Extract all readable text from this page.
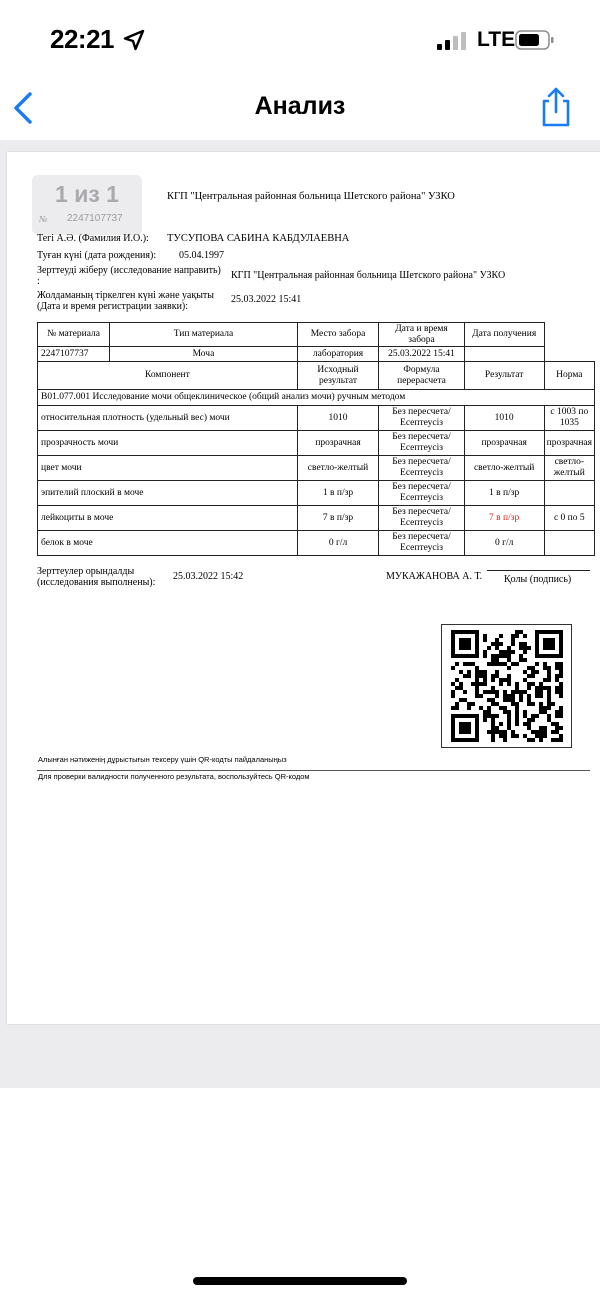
22:21	LTE
Анализ
1 из 1
№ 2247107737
КГП "Центральная районная больница Шетского района" УЗКО
Тегі А.Ә. (Фамилия И.О.): ТУСУПОВА САБИНА КАБДУЛАЕВНА
Туған күні (дата рождения): 05.04.1997
Зерттеуді жіберу (исследование направить)
:
КГП "Центральная районная больница Шетского района" УЗКО
Жолдаманың тіркелген күні және уақыты
(Дата и время регистрации заявки):
25.03.2022 15:41
№ материала	Тип материала	Место забора	Дата и время забора	Дата получения	
2247107737	Моча	лаборатория	25.03.2022 15:41		
Компонент		Исходный результат	Формула перерасчета	Результат	Норма
B01.077.001 Исследование мочи общеклиническое (общий анализ мочи) ручным методом					
относительная плотность (удельный вес) мочи		1010	Без пересчета/ Есептеусіз	1010	с 1003 по 1035
прозрачность мочи		прозрачная	Без пересчета/ Есептеусіз	прозрачная	прозрачная
цвет мочи		светло-желтый	Без пересчета/ Есептеусіз	светло-желтый	светло-желтый
эпителий плоский в моче		1 в п/зр	Без пересчета/ Есептеусіз	1 в п/зр	
лейкоциты в моче		7 в п/зр	Без пересчета/ Есептеусіз	7 в п/зр	с 0 по 5
белок в моче		0 г/л	Без пересчета/ Есептеусіз	0 г/л	
Зерттеулер орындалды
(исследования выполнены):
25.03.2022 15:42	МУКАЖАНОВА А. Т. Қолы (подпись)
Алынған нәтиженің дұрыстығын тексеру үшін QR-кодты пайдаланыңыз
Для проверки валидности полученного результата, воспользуйтесь QR-кодом
